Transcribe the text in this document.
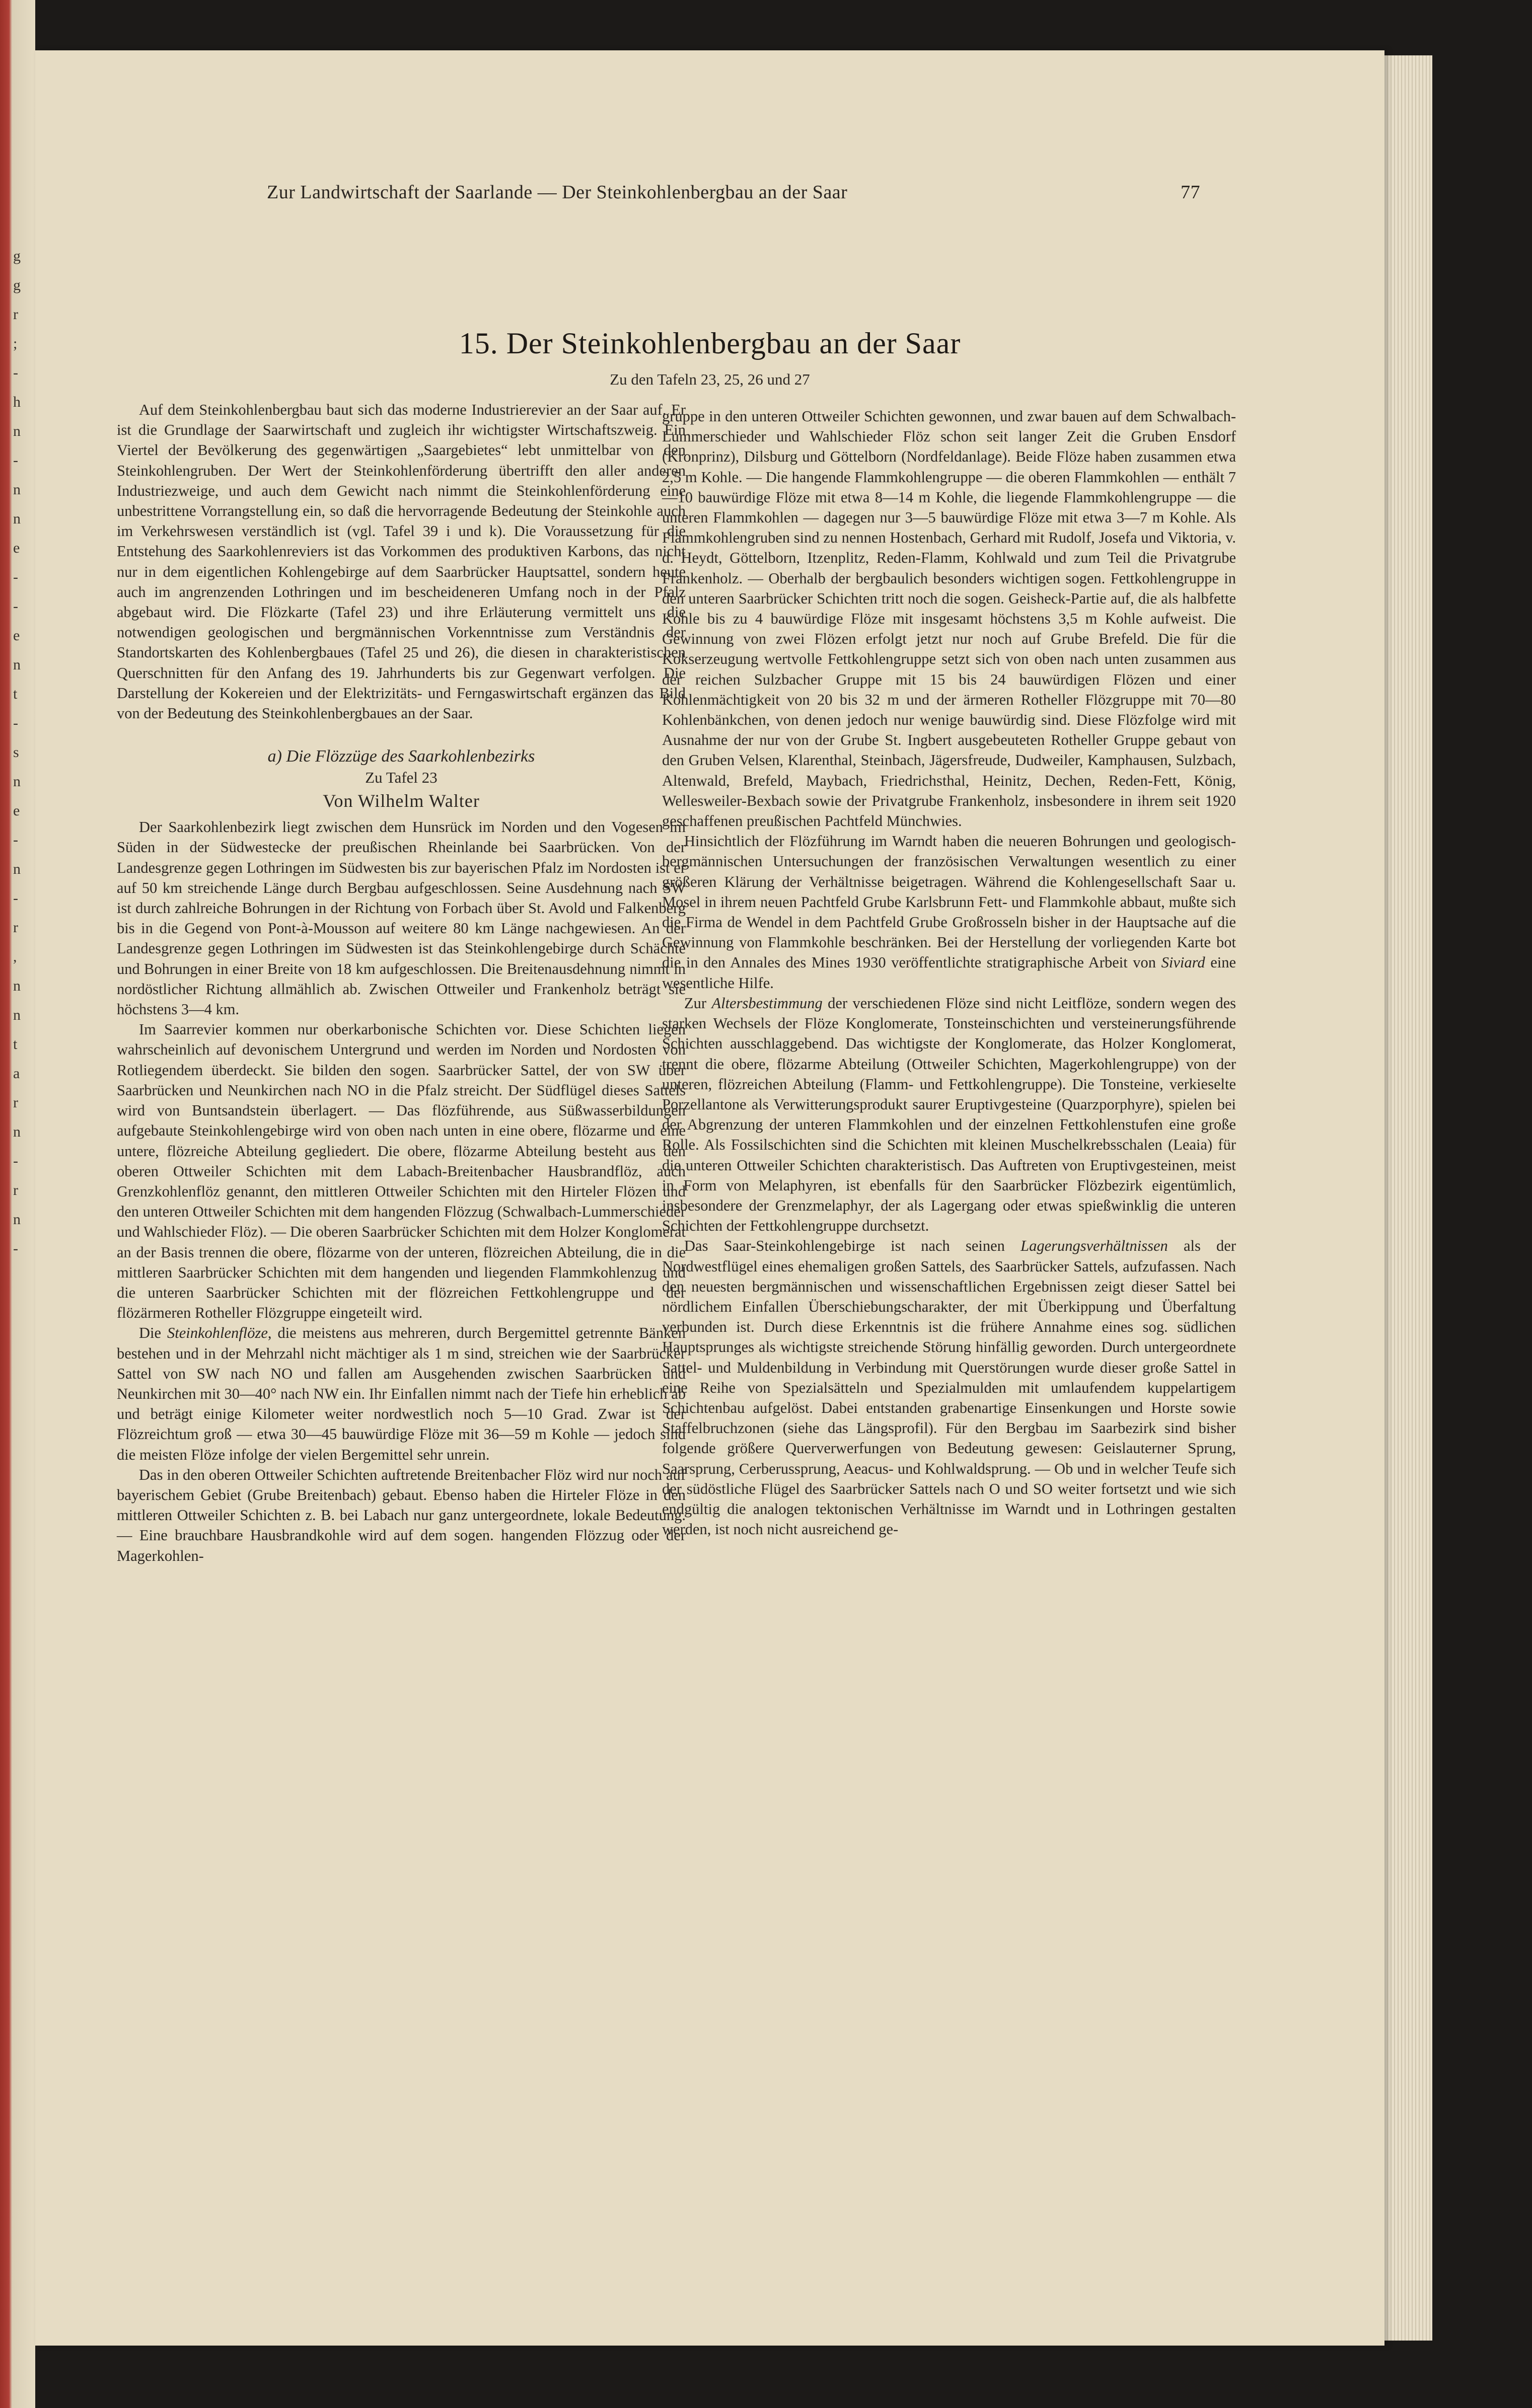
g
g
r
;
-
h
n
-
n
n
e
-
-
e
n
t
-
s
n
e
-
n
-
r
,
n
n
t
a
r
n
-
r
n
-
Zur Landwirtschaft der Saarlande — Der Steinkohlenbergbau an der Saar	77
15. Der Steinkohlenbergbau an der Saar
Zu den Tafeln 23, 25, 26 und 27

Auf dem Steinkohlenbergbau baut sich das moderne Industrierevier an der Saar auf. Er ist die Grundlage der Saarwirtschaft und zugleich ihr wichtigster Wirtschaftszweig. Ein Viertel der Bevölkerung des gegenwärtigen „Saargebietes“ lebt unmittelbar von den Steinkohlengruben. Der Wert der Steinkohlenförderung übertrifft den aller anderen Industriezweige, und auch dem Gewicht nach nimmt die Steinkohlenförderung eine unbestrittene Vorrangstellung ein, so daß die hervorragende Bedeutung der Steinkohle auch im Verkehrswesen verständlich ist (vgl. Tafel 39 i und k). Die Voraussetzung für die Entstehung des Saarkohlenreviers ist das Vorkommen des produktiven Karbons, das nicht nur in dem eigentlichen Kohlengebirge auf dem Saarbrücker Hauptsattel, sondern heute auch im angrenzenden Lothringen und im bescheideneren Umfang noch in der Pfalz abgebaut wird. Die Flözkarte (Tafel 23) und ihre Erläuterung vermittelt uns die notwendigen geologischen und bergmännischen Vorkenntnisse zum Verständnis der Standortskarten des Kohlenbergbaues (Tafel 25 und 26), die diesen in charakteristischen Querschnitten für den Anfang des 19. Jahrhunderts bis zur Gegenwart verfolgen. Die Darstellung der Kokereien und der Elektrizitäts- und Ferngaswirtschaft ergänzen das Bild von der Bedeutung des Steinkohlenbergbaues an der Saar.

a) Die Flözzüge des Saarkohlenbezirks
Zu Tafel 23
Von Wilhelm Walter

Der Saarkohlenbezirk liegt zwischen dem Hunsrück im Norden und den Vogesen im Süden in der Südwestecke der preußischen Rheinlande bei Saarbrücken. Von der Landesgrenze gegen Lothringen im Südwesten bis zur bayerischen Pfalz im Nordosten ist er auf 50 km streichende Länge durch Bergbau aufgeschlossen. Seine Ausdehnung nach SW ist durch zahlreiche Bohrungen in der Richtung von Forbach über St. Avold und Falkenberg bis in die Gegend von Pont-à-Mousson auf weitere 80 km Länge nachgewiesen. An der Landesgrenze gegen Lothringen im Südwesten ist das Steinkohlengebirge durch Schächte und Bohrungen in einer Breite von 18 km aufgeschlossen. Die Breitenausdehnung nimmt in nordöstlicher Richtung allmählich ab. Zwischen Ottweiler und Frankenholz beträgt sie höchstens 3—4 km.

Im Saarrevier kommen nur oberkarbonische Schichten vor. Diese Schichten liegen wahrscheinlich auf devonischem Untergrund und werden im Norden und Nordosten von Rotliegendem überdeckt. Sie bilden den sogen. Saarbrücker Sattel, der von SW über Saarbrücken und Neunkirchen nach NO in die Pfalz streicht. Der Südflügel dieses Sattels wird von Buntsandstein überlagert. — Das flözführende, aus Süßwasserbildungen aufgebaute Steinkohlengebirge wird von oben nach unten in eine obere, flözarme und eine untere, flözreiche Abteilung gegliedert. Die obere, flözarme Abteilung besteht aus den oberen Ottweiler Schichten mit dem Labach-Breitenbacher Hausbrandflöz, auch Grenzkohlenflöz genannt, den mittleren Ottweiler Schichten mit den Hirteler Flözen und den unteren Ottweiler Schichten mit dem hangenden Flözzug (Schwalbach-Lummerschieder und Wahlschieder Flöz). — Die oberen Saarbrücker Schichten mit dem Holzer Konglomerat an der Basis trennen die obere, flözarme von der unteren, flözreichen Abteilung, die in die mittleren Saarbrücker Schichten mit dem hangenden und liegenden Flammkohlenzug und die unteren Saarbrücker Schichten mit der flözreichen Fettkohlengruppe und der flözärmeren Rotheller Flözgruppe eingeteilt wird.

Die Steinkohlenflöze, die meistens aus mehreren, durch Bergemittel getrennte Bänken bestehen und in der Mehrzahl nicht mächtiger als 1 m sind, streichen wie der Saarbrücker Sattel von SW nach NO und fallen am Ausgehenden zwischen Saarbrücken und Neunkirchen mit 30—40° nach NW ein. Ihr Einfallen nimmt nach der Tiefe hin erheblich ab und beträgt einige Kilometer weiter nordwestlich noch 5—10 Grad. Zwar ist der Flözreichtum groß — etwa 30—45 bauwürdige Flöze mit 36—59 m Kohle — jedoch sind die meisten Flöze infolge der vielen Bergemittel sehr unrein.

Das in den oberen Ottweiler Schichten auftretende Breitenbacher Flöz wird nur noch auf bayerischem Gebiet (Grube Breitenbach) gebaut. Ebenso haben die Hirteler Flöze in den mittleren Ottweiler Schichten z. B. bei Labach nur ganz untergeordnete, lokale Bedeutung. — Eine brauchbare Hausbrandkohle wird auf dem sogen. hangenden Flözzug oder der Magerkohlen-

gruppe in den unteren Ottweiler Schichten gewonnen, und zwar bauen auf dem Schwalbach-Lummerschieder und Wahlschieder Flöz schon seit langer Zeit die Gruben Ensdorf (Kronprinz), Dilsburg und Göttelborn (Nordfeldanlage). Beide Flöze haben zusammen etwa 2,5 m Kohle. — Die hangende Flammkohlengruppe — die oberen Flammkohlen — enthält 7—10 bauwürdige Flöze mit etwa 8—14 m Kohle, die liegende Flammkohlengruppe — die unteren Flammkohlen — dagegen nur 3—5 bauwürdige Flöze mit etwa 3—7 m Kohle. Als Flammkohlengruben sind zu nennen Hostenbach, Gerhard mit Rudolf, Josefa und Viktoria, v. d. Heydt, Göttelborn, Itzenplitz, Reden-Flamm, Kohlwald und zum Teil die Privatgrube Frankenholz. — Oberhalb der bergbaulich besonders wichtigen sogen. Fettkohlengruppe in den unteren Saarbrücker Schichten tritt noch die sogen. Geisheck-Partie auf, die als halbfette Kohle bis zu 4 bauwürdige Flöze mit insgesamt höchstens 3,5 m Kohle aufweist. Die Gewinnung von zwei Flözen erfolgt jetzt nur noch auf Grube Brefeld. Die für die Kokserzeugung wertvolle Fettkohlengruppe setzt sich von oben nach unten zusammen aus der reichen Sulzbacher Gruppe mit 15 bis 24 bauwürdigen Flözen und einer Kohlenmächtigkeit von 20 bis 32 m und der ärmeren Rotheller Flözgruppe mit 70—80 Kohlenbänkchen, von denen jedoch nur wenige bauwürdig sind. Diese Flözfolge wird mit Ausnahme der nur von der Grube St. Ingbert ausgebeuteten Rotheller Gruppe gebaut von den Gruben Velsen, Klarenthal, Steinbach, Jägersfreude, Dudweiler, Kamphausen, Sulzbach, Altenwald, Brefeld, Maybach, Friedrichsthal, Heinitz, Dechen, Reden-Fett, König, Wellesweiler-Bexbach sowie der Privatgrube Frankenholz, insbesondere in ihrem seit 1920 geschaffenen preußischen Pachtfeld Münchwies.

Hinsichtlich der Flözführung im Warndt haben die neueren Bohrungen und geologisch-bergmännischen Untersuchungen der französischen Verwaltungen wesentlich zu einer größeren Klärung der Verhältnisse beigetragen. Während die Kohlengesellschaft Saar u. Mosel in ihrem neuen Pachtfeld Grube Karlsbrunn Fett- und Flammkohle abbaut, mußte sich die Firma de Wendel in dem Pachtfeld Grube Großrosseln bisher in der Hauptsache auf die Gewinnung von Flammkohle beschränken. Bei der Herstellung der vorliegenden Karte bot die in den Annales des Mines 1930 veröffentlichte stratigraphische Arbeit von Siviard eine wesentliche Hilfe.

Zur Altersbestimmung der verschiedenen Flöze sind nicht Leitflöze, sondern wegen des starken Wechsels der Flöze Konglomerate, Tonsteinschichten und versteinerungsführende Schichten ausschlaggebend. Das wichtigste der Konglomerate, das Holzer Konglomerat, trennt die obere, flözarme Abteilung (Ottweiler Schichten, Magerkohlengruppe) von der unteren, flözreichen Abteilung (Flamm- und Fettkohlengruppe). Die Tonsteine, verkieselte Porzellantone als Verwitterungsprodukt saurer Eruptivgesteine (Quarzporphyre), spielen bei der Abgrenzung der unteren Flammkohlen und der einzelnen Fettkohlenstufen eine große Rolle. Als Fossilschichten sind die Schichten mit kleinen Muschelkrebsschalen (Leaia) für die unteren Ottweiler Schichten charakteristisch. Das Auftreten von Eruptivgesteinen, meist in Form von Melaphyren, ist ebenfalls für den Saarbrücker Flözbezirk eigentümlich, insbesondere der Grenzmelaphyr, der als Lagergang oder etwas spießwinklig die unteren Schichten der Fettkohlengruppe durchsetzt.

Das Saar-Steinkohlengebirge ist nach seinen Lagerungsverhältnissen als der Nordwestflügel eines ehemaligen großen Sattels, des Saarbrücker Sattels, aufzufassen. Nach den neuesten bergmännischen und wissenschaftlichen Ergebnissen zeigt dieser Sattel bei nördlichem Einfallen Überschiebungscharakter, der mit Überkippung und Überfaltung verbunden ist. Durch diese Erkenntnis ist die frühere Annahme eines sog. südlichen Hauptsprunges als wichtigste streichende Störung hinfällig geworden. Durch untergeordnete Sattel- und Muldenbildung in Verbindung mit Querstörungen wurde dieser große Sattel in eine Reihe von Spezialsätteln und Spezialmulden mit umlaufendem kuppelartigem Schichtenbau aufgelöst. Dabei entstanden grabenartige Einsenkungen und Horste sowie Staffelbruchzonen (siehe das Längsprofil). Für den Bergbau im Saarbezirk sind bisher folgende größere Querverwerfungen von Bedeutung gewesen: Geislauterner Sprung, Saarsprung, Cerberussprung, Aeacus- und Kohlwaldsprung. — Ob und in welcher Teufe sich der südöstliche Flügel des Saarbrücker Sattels nach O und SO weiter fortsetzt und wie sich endgültig die analogen tektonischen Verhältnisse im Warndt und in Lothringen gestalten werden, ist noch nicht ausreichend ge-
